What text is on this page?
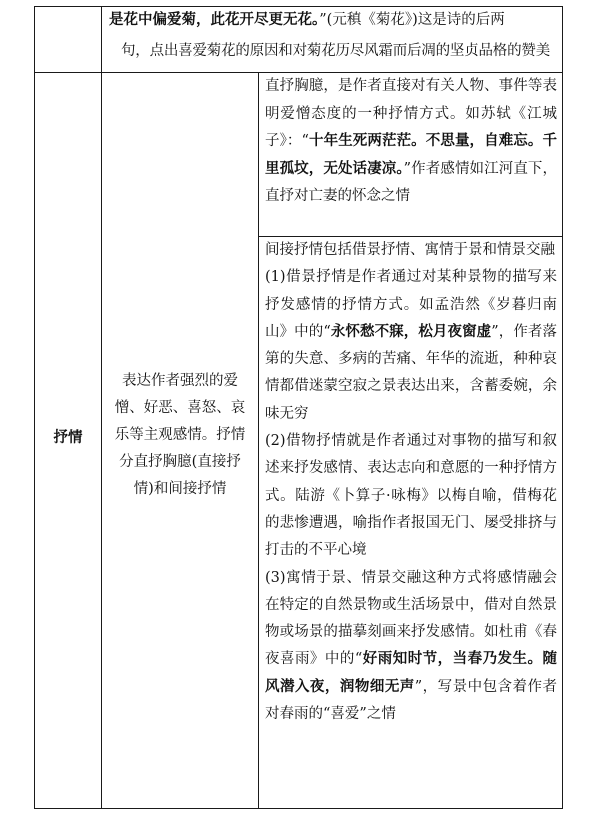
是花中偏爱菊，此花开尽更无花。”(元稹《菊花》)这是诗的后两
句，点出喜爱菊花的原因和对菊花历尽风霜而后凋的坚贞品格的赞美
抒情
表达作者强烈的爱憎、好恶、喜怒、哀乐等主观感情。抒情分直抒胸臆(直接抒情)和间接抒情
直抒胸臆，是作者直接对有关人物、事件等表明爱憎态度的一种抒情方式。如苏轼《江城子》：“十年生死两茫茫。不思量，自难忘。千里孤坟，无处话凄凉。”作者感情如江河直下，直抒对亡妻的怀念之情
间接抒情包括借景抒情、寓情于景和情景交融
(1)借景抒情是作者通过对某种景物的描写来抒发感情的抒情方式。如孟浩然《岁暮归南山》中的“永怀愁不寐，松月夜窗虚”，作者落第的失意、多病的苦痛、年华的流逝，种种哀情都借迷蒙空寂之景表达出来，含蓄委婉，余味无穷
(2)借物抒情就是作者通过对事物的描写和叙述来抒发感情、表达志向和意愿的一种抒情方式。陆游《卜算子·咏梅》以梅自喻，借梅花的悲惨遭遇，喻指作者报国无门、屡受排挤与打击的不平心境
(3)寓情于景、情景交融这种方式将感情融会在特定的自然景物或生活场景中，借对自然景物或场景的描摹刻画来抒发感情。如杜甫《春夜喜雨》中的“好雨知时节，当春乃发生。随风潜入夜，润物细无声”，写景中包含着作者对春雨的“喜爱”之情
